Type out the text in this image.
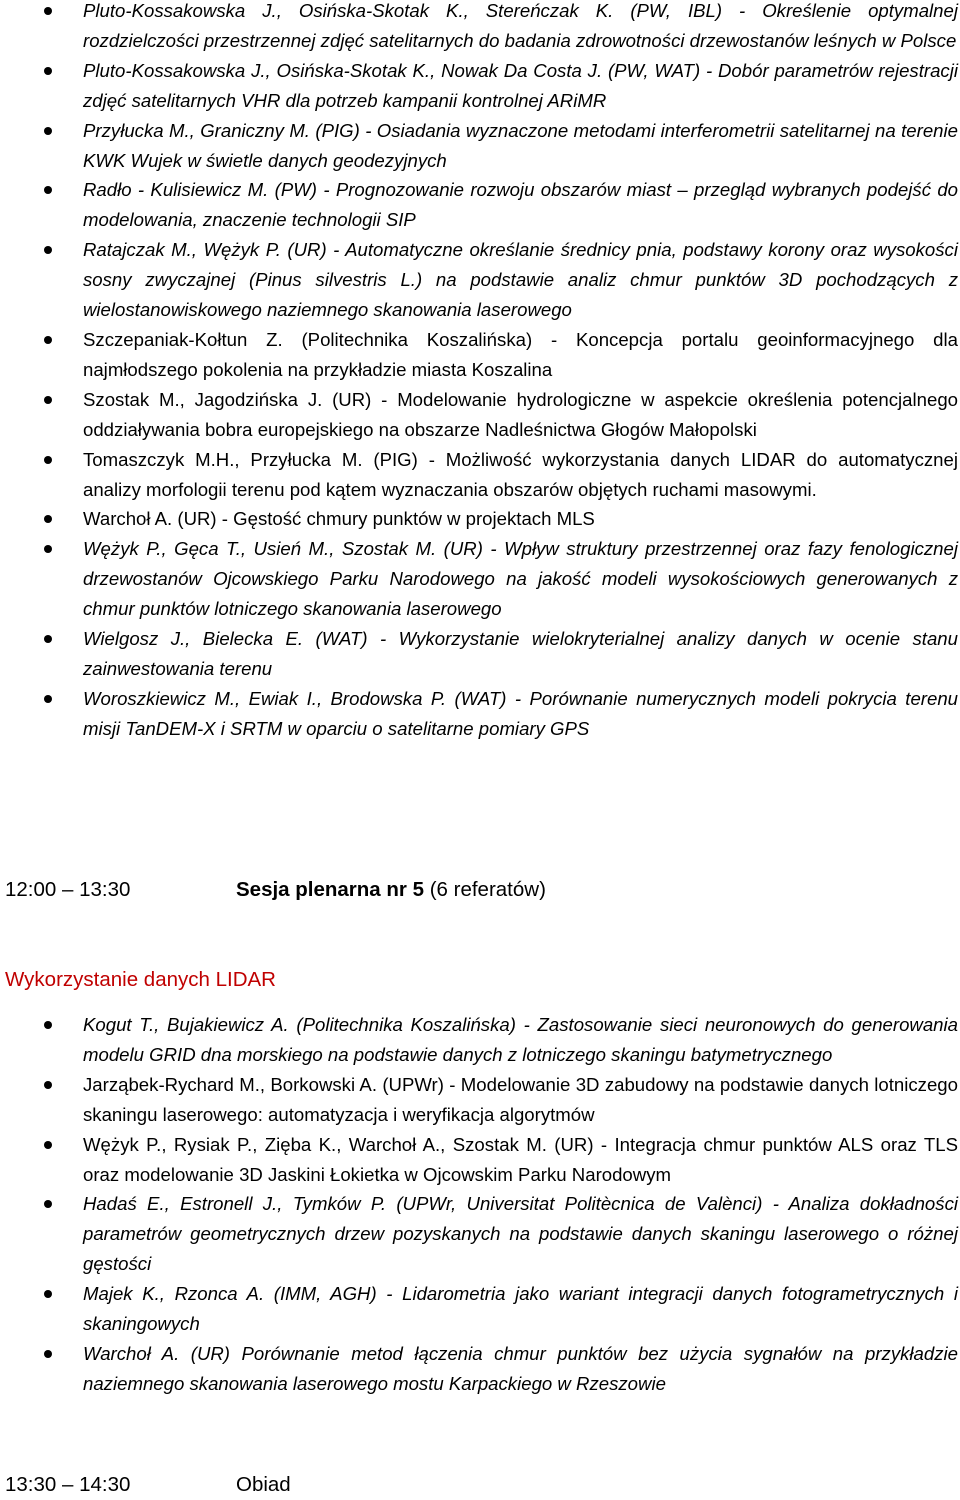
Pluto-Kossakowska J., Osińska-Skotak K., Stereńczak K. (PW, IBL) - Określenie optymalnej rozdzielczości przestrzennej zdjęć satelitarnych do badania zdrowotności drzewostanów leśnych w Polsce
Pluto-Kossakowska J., Osińska-Skotak K., Nowak Da Costa J. (PW, WAT) - Dobór parametrów rejestracji zdjęć satelitarnych VHR dla potrzeb kampanii kontrolnej ARiMR
Przyłucka M., Graniczny M. (PIG) - Osiadania wyznaczone metodami interferometrii satelitarnej na terenie KWK Wujek w świetle danych geodezyjnych
Radło - Kulisiewicz M. (PW) - Prognozowanie rozwoju obszarów miast – przegląd wybranych podejść do modelowania, znaczenie technologii SIP
Ratajczak M., Wężyk P. (UR) - Automatyczne określanie średnicy pnia, podstawy korony oraz wysokości sosny zwyczajnej (Pinus silvestris L.) na podstawie analiz chmur punktów 3D pochodzących z wielostanowiskowego naziemnego skanowania laserowego
Szczepaniak-Kołtun Z. (Politechnika Koszalińska) - Koncepcja portalu geoinformacyjnego dla najmłodszego pokolenia na przykładzie miasta Koszalina
Szostak M., Jagodzińska J. (UR) - Modelowanie hydrologiczne w aspekcie określenia potencjalnego oddziaływania bobra europejskiego na obszarze Nadleśnictwa Głogów Małopolski
Tomaszczyk M.H., Przyłucka M. (PIG) - Możliwość wykorzystania danych LIDAR do automatycznej analizy morfologii terenu pod kątem wyznaczania obszarów objętych ruchami masowymi.
Warchoł A. (UR) - Gęstość chmury punktów w projektach MLS
Wężyk P., Gęca T., Usień M., Szostak M. (UR) - Wpływ struktury przestrzennej oraz fazy fenologicznej drzewostanów Ojcowskiego Parku Narodowego na jakość modeli wysokościowych generowanych z chmur punktów lotniczego skanowania laserowego
Wielgosz J., Bielecka E. (WAT) - Wykorzystanie wielokryterialnej analizy danych w ocenie stanu zainwestowania terenu
Woroszkiewicz M., Ewiak I., Brodowska P. (WAT) - Porównanie numerycznych modeli pokrycia terenu misji TanDEM-X i SRTM w oparciu o satelitarne pomiary GPS
12:00 – 13:30	Sesja plenarna nr 5 (6 referatów)
Wykorzystanie danych LIDAR
Kogut T., Bujakiewicz A. (Politechnika Koszalińska) - Zastosowanie sieci neuronowych do generowania modelu GRID dna morskiego na podstawie danych z lotniczego skaningu batymetrycznego
Jarząbek-Rychard M., Borkowski A. (UPWr) - Modelowanie 3D zabudowy na podstawie danych lotniczego skaningu laserowego: automatyzacja i weryfikacja algorytmów
Wężyk P., Rysiak P., Zięba K., Warchoł A., Szostak M. (UR) - Integracja chmur punktów ALS oraz TLS oraz modelowanie 3D Jaskini Łokietka w Ojcowskim Parku Narodowym
Hadaś E., Estronell J., Tymków P. (UPWr, Universitat Politècnica de Valènci) - Analiza dokładności parametrów geometrycznych drzew pozyskanych na podstawie danych skaningu laserowego o różnej gęstości
Majek K., Rzonca A. (IMM, AGH) - Lidarometria jako wariant integracji danych fotogrametrycznych i skaningowych
Warchoł A. (UR) Porównanie metod łączenia chmur punktów bez użycia sygnałów na przykładzie naziemnego skanowania laserowego mostu Karpackiego w Rzeszowie
13:30 – 14:30	Obiad
